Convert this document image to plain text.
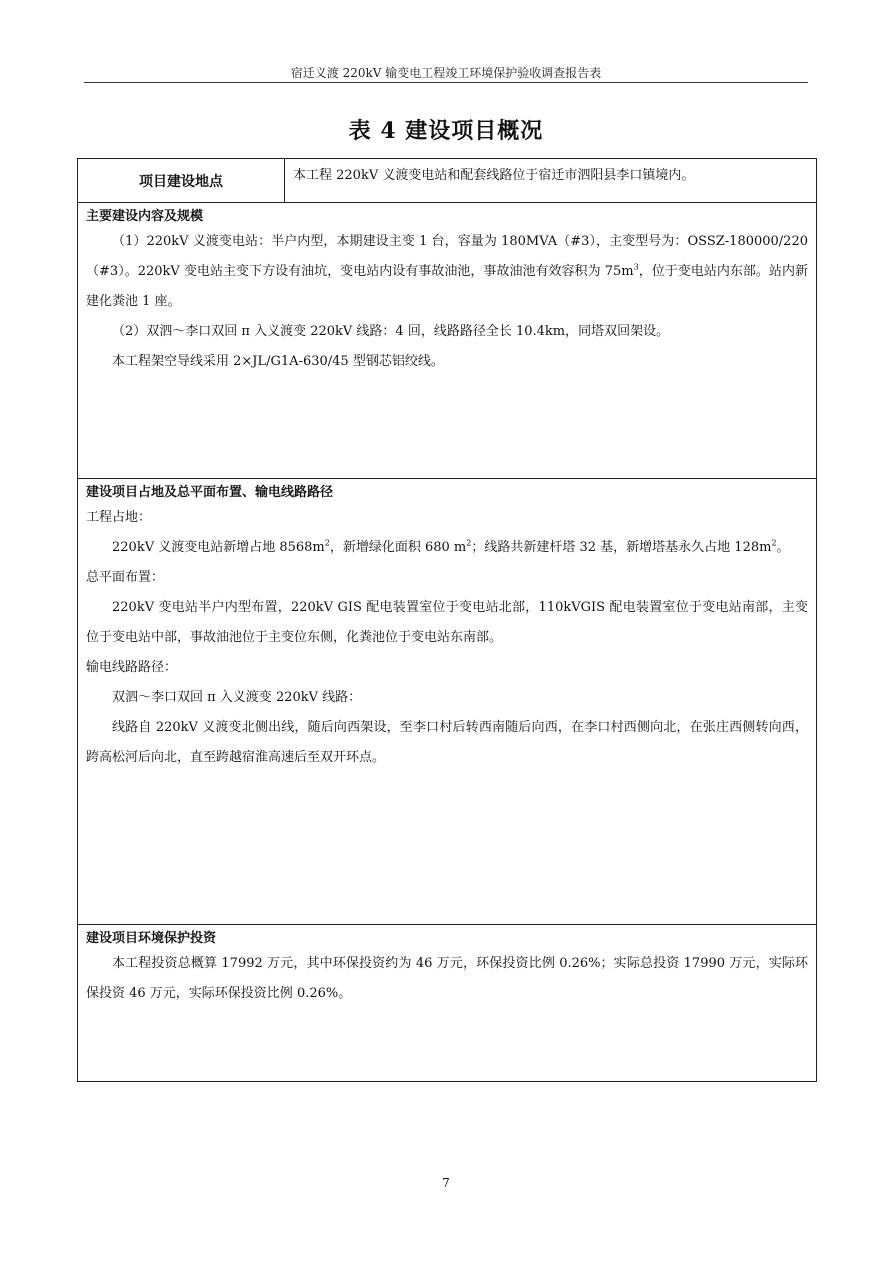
宿迁义渡 220kV 输变电工程竣工环境保护验收调查报告表
表 4 建设项目概况
项目建设地点	本工程 220kV 义渡变电站和配套线路位于宿迁市泗阳县李口镇境内。
主要建设内容及规模

（1）220kV 义渡变电站：半户内型，本期建设主变 1 台，容量为 180MVA（#3），主变型号为：OSSZ-180000/220（#3）。220kV 变电站主变下方设有油坑，变电站内设有事故油池，事故油池有效容积为 $75m^3$，位于变电站内东部。站内新建化粪池 1 座。

（2）双泗～李口双回 π 入义渡变 220kV 线路：4 回，线路路径全长 10.4km，同塔双回架设。

本工程架空导线采用 2×JL/G1A-630/45 型钢芯铝绞线。

建设项目占地及总平面布置、输电线路路径

工程占地：

220kV 义渡变电站新增占地 $8568m^2$，新增绿化面积 680 $m^2$；线路共新建杆塔 32 基，新增塔基永久占地 $128m^2$。

总平面布置：

220kV 变电站半户内型布置，220kV GIS 配电装置室位于变电站北部，110kVGIS 配电装置室位于变电站南部，主变位于变电站中部，事故油池位于主变位东侧，化粪池位于变电站东南部。

输电线路路径：

双泗～李口双回 π 入义渡变 220kV 线路：

线路自 220kV 义渡变北侧出线，随后向西架设，至李口村后转西南随后向西，在李口村西侧向北，在张庄西侧转向西，跨高松河后向北，直至跨越宿淮高速后至双开环点。

建设项目环境保护投资

本工程投资总概算 17992 万元，其中环保投资约为 46 万元，环保投资比例 0.26%；实际总投资 17990 万元，实际环保投资 46 万元，实际环保投资比例 0.26%。

7
